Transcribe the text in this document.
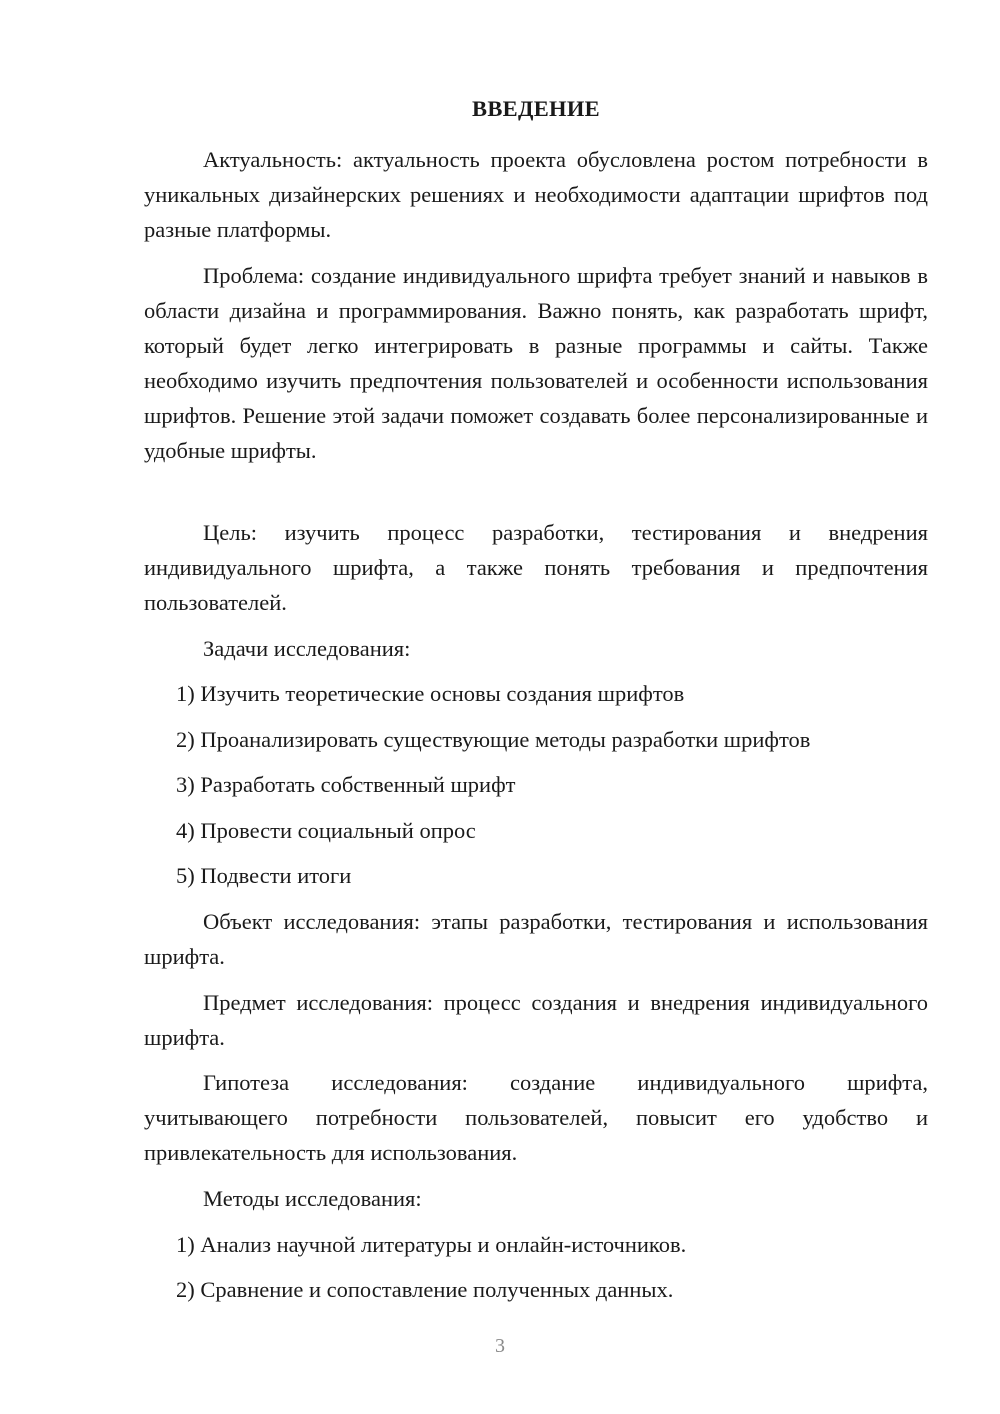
ВВЕДЕНИЕ

Актуальность: актуальность проекта обусловлена ростом потребности в уникальных дизайнерских решениях и необходимости адаптации шрифтов под разные платформы.

Проблема: создание индивидуального шрифта требует знаний и навыков в области дизайна и программирования. Важно понять, как разработать шрифт, который будет легко интегрировать в разные программы и сайты. Также необходимо изучить предпочтения пользователей и особенности использования шрифтов. Решение этой задачи поможет создавать более персонализированные и удобные шрифты.

Цель: изучить процесс разработки, тестирования и внедрения индивидуального шрифта, а также понять требования и предпочтения пользователей.

Задачи исследования:

1) Изучить теоретические основы создания шрифтов

2) Проанализировать существующие методы разработки шрифтов

3) Разработать собственный шрифт

4) Провести социальный опрос

5) Подвести итоги

Объект исследования: этапы разработки, тестирования и использования шрифта.

Предмет исследования: процесс создания и внедрения индивидуального шрифта.

Гипотеза исследования: создание индивидуального шрифта, учитывающего потребности пользователей, повысит его удобство и привлекательность для использования.

Методы исследования:

1) Анализ научной литературы и онлайн-источников.

2) Сравнение и сопоставление полученных данных.

3
